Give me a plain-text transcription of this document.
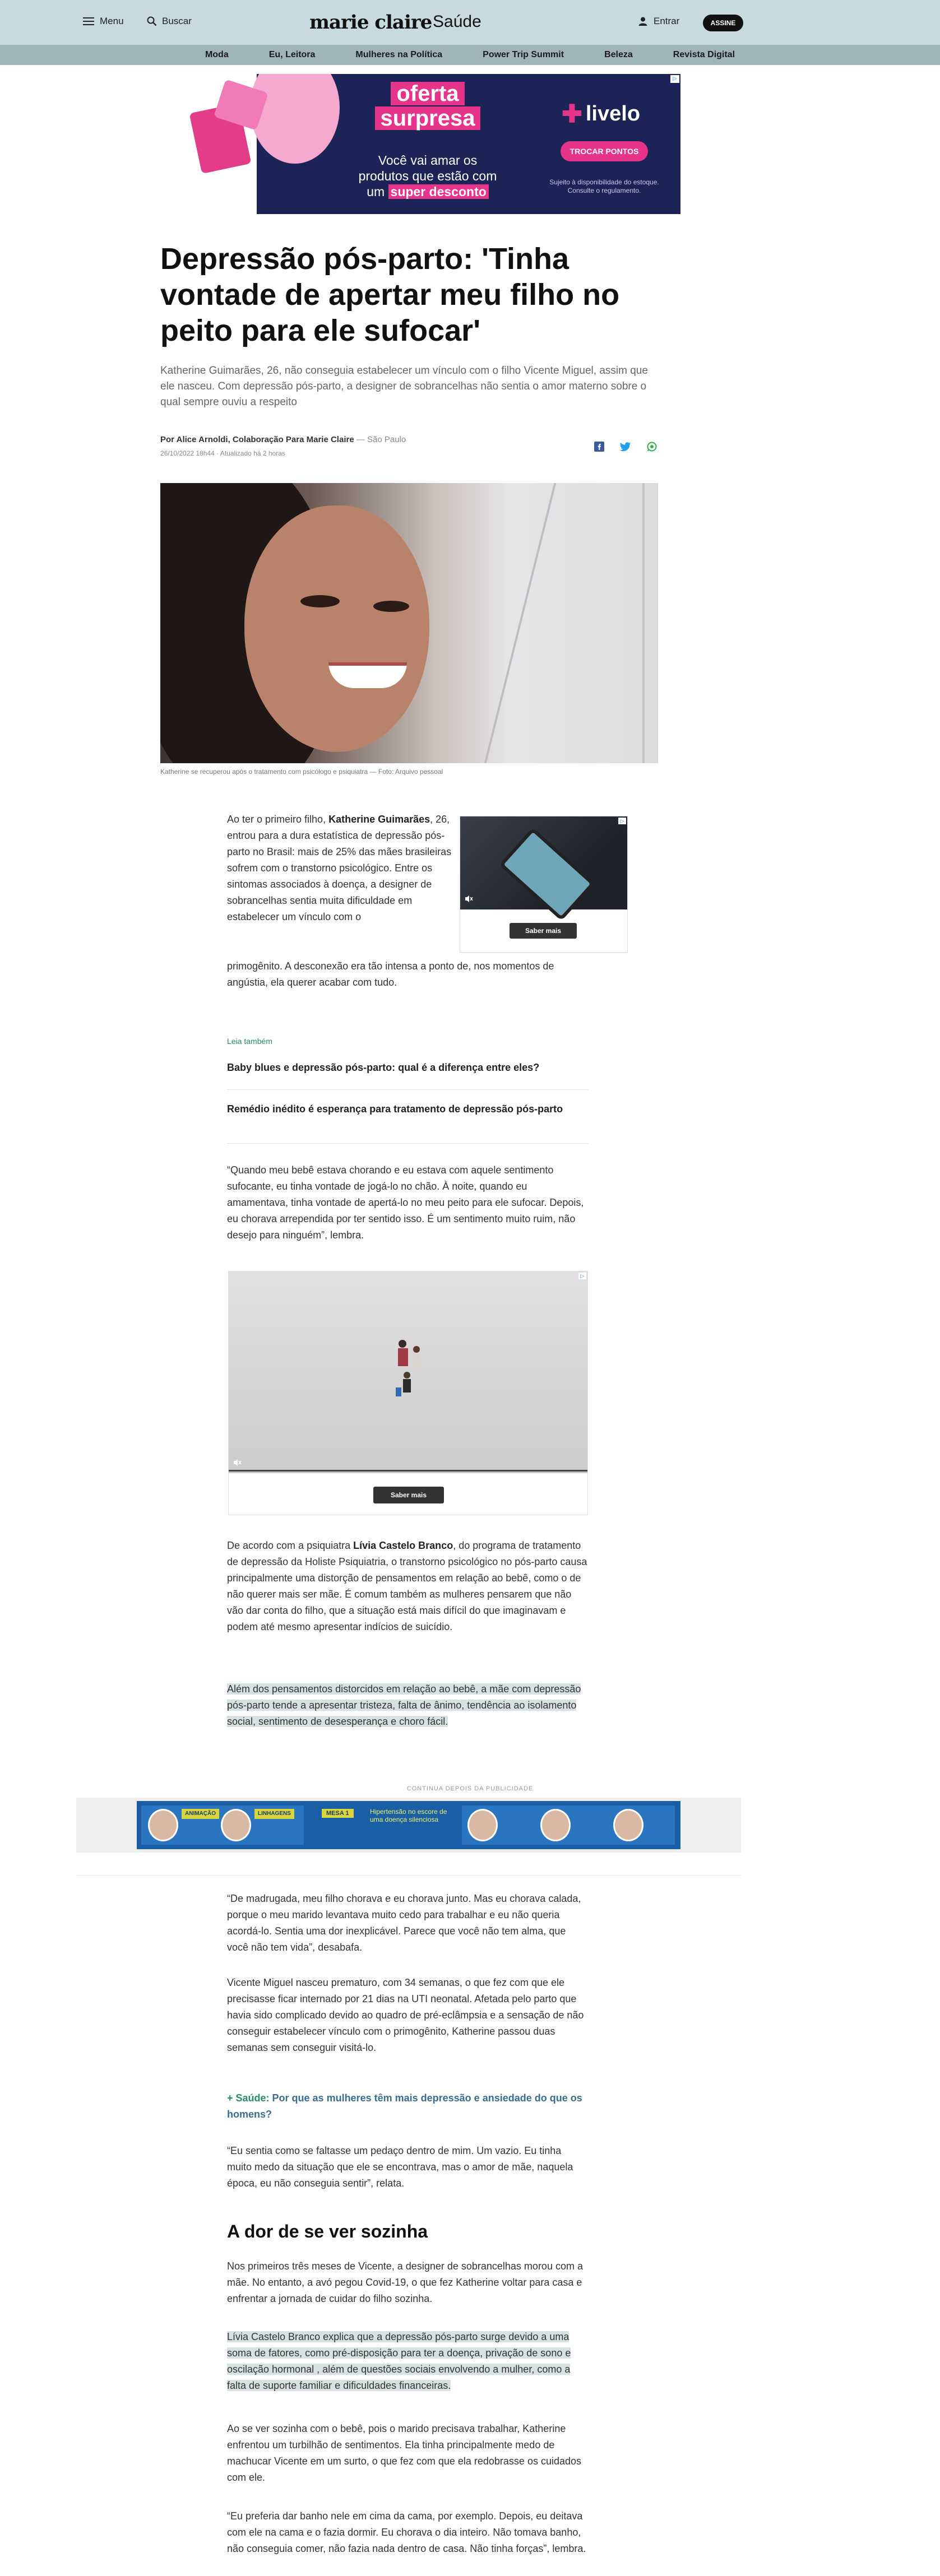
Menu	Buscar	marie claire Saúde	Entrar	ASSINE
Moda	Eu, Leitora	Mulheres na Política	Power Trip Summit	Beleza	Revista Digital
oferta
surpresa
Você vai amar os
produtos que estão com
um super desconto
✚ livelo
TROCAR PONTOS
Sujeito à disponibilidade do estoque. Consulte o regulamento.
▷
Depressão pós-parto: 'Tinha vontade de apertar meu filho no peito para ele sufocar'

Katherine Guimarães, 26, não conseguia estabelecer um vínculo com o filho Vicente Miguel, assim que ele nasceu. Com depressão pós-parto, a designer de sobrancelhas não sentia o amor materno sobre o qual sempre ouviu a respeito

Por Alice Arnoldi, Colaboração Para Marie Claire — São Paulo
26/10/2022 18h44 · Atualizado há 2 horas
Katherine se recuperou após o tratamento com psicólogo e psiquiatra — Foto: Arquivo pessoal

Ao ter o primeiro filho, Katherine Guimarães, 26, entrou para a dura estatística de depressão pós-parto no Brasil: mais de 25% das mães brasileiras sofrem com o transtorno psicológico. Entre os sintomas associados à doença, a designer de sobrancelhas sentia muita dificuldade em estabelecer um vínculo com o

primogênito. A desconexão era tão intensa a ponto de, nos momentos de angústia, ela querer acabar com tudo.

Saber mais
▷
Leia também
Baby blues e depressão pós-parto: qual é a diferença entre eles?
Remédio inédito é esperança para tratamento de depressão pós-parto

“Quando meu bebê estava chorando e eu estava com aquele sentimento sufocante, eu tinha vontade de jogá-lo no chão. À noite, quando eu amamentava, tinha vontade de apertá-lo no meu peito para ele sufocar. Depois, eu chorava arrependida por ter sentido isso. É um sentimento muito ruim, não desejo para ninguém”, lembra.

Saber mais
▷

De acordo com a psiquiatra Lívia Castelo Branco, do programa de tratamento de depressão da Holiste Psiquiatria, o transtorno psicológico no pós-parto causa principalmente uma distorção de pensamentos em relação ao bebê, como o de não querer mais ser mãe. É comum também as mulheres pensarem que não vão dar conta do filho, que a situação está mais difícil do que imaginavam e podem até mesmo apresentar indícios de suicídio.

Além dos pensamentos distorcidos em relação ao bebê, a mãe com depressão pós-parto tende a apresentar tristeza, falta de ânimo, tendência ao isolamento social, sentimento de desesperança e choro fácil.

CONTINUA DEPOIS DA PUBLICIDADE
ANIMAÇÃO	LINHAGENS	MESA 1	Hipertensão no escore de uma doença silenciosa

“De madrugada, meu filho chorava e eu chorava junto. Mas eu chorava calada, porque o meu marido levantava muito cedo para trabalhar e eu não queria acordá-lo. Sentia uma dor inexplicável. Parece que você não tem alma, que você não tem vida”, desabafa.

Vicente Miguel nasceu prematuro, com 34 semanas, o que fez com que ele precisasse ficar internado por 21 dias na UTI neonatal. Afetada pelo parto que havia sido complicado devido ao quadro de pré-eclâmpsia e a sensação de não conseguir estabelecer vínculo com o primogênito, Katherine passou duas semanas sem conseguir visitá-lo.

+ Saúde: Por que as mulheres têm mais depressão e ansiedade do que os homens?

“Eu sentia como se faltasse um pedaço dentro de mim. Um vazio. Eu tinha muito medo da situação que ele se encontrava, mas o amor de mãe, naquela época, eu não conseguia sentir”, relata.

A dor de se ver sozinha

Nos primeiros três meses de Vicente, a designer de sobrancelhas morou com a mãe. No entanto, a avó pegou Covid-19, o que fez Katherine voltar para casa e enfrentar a jornada de cuidar do filho sozinha.

Lívia Castelo Branco explica que a depressão pós-parto surge devido a uma soma de fatores, como pré-disposição para ter a doença, privação de sono e oscilação hormonal , além de questões sociais envolvendo a mulher, como a falta de suporte familiar e dificuldades financeiras.

Ao se ver sozinha com o bebê, pois o marido precisava trabalhar, Katherine enfrentou um turbilhão de sentimentos. Ela tinha principalmente medo de machucar Vicente em um surto, o que fez com que ela redobrasse os cuidados com ele.

“Eu preferia dar banho nele em cima da cama, por exemplo. Depois, eu deitava com ele na cama e o fazia dormir. Eu chorava o dia inteiro. Não tomava banho, não conseguia comer, não fazia nada dentro de casa. Não tinha forças”, lembra.
